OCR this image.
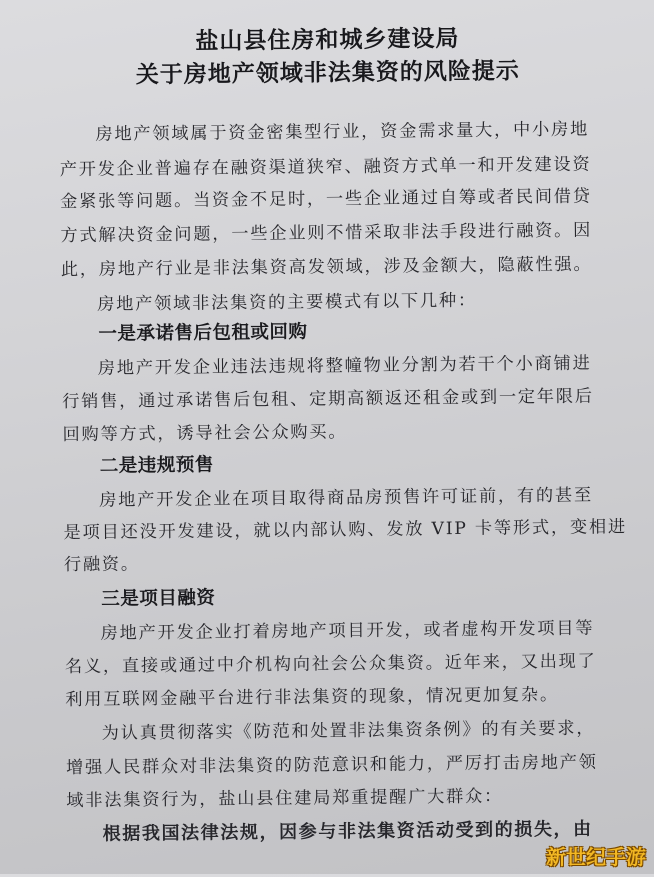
盐山县住房和城乡建设局
关于房地产领域非法集资的风险提示
房地产领域属于资金密集型行业，资金需求量大，中小房地
产开发企业普遍存在融资渠道狭窄、融资方式单一和开发建设资
金紧张等问题。当资金不足时，一些企业通过自筹或者民间借贷
方式解决资金问题，一些企业则不惜采取非法手段进行融资。因
此，房地产行业是非法集资高发领域，涉及金额大，隐蔽性强。
房地产领域非法集资的主要模式有以下几种：
一是承诺售后包租或回购
房地产开发企业违法违规将整幢物业分割为若干个小商铺进
行销售，通过承诺售后包租、定期高额返还租金或到一定年限后
回购等方式，诱导社会公众购买。
二是违规预售
房地产开发企业在项目取得商品房预售许可证前，有的甚至
是项目还没开发建设，就以内部认购、发放 VIP 卡等形式，变相进
行融资。
三是项目融资
房地产开发企业打着房地产项目开发，或者虚构开发项目等
名义，直接或通过中介机构向社会公众集资。近年来，又出现了
利用互联网金融平台进行非法集资的现象，情况更加复杂。
为认真贯彻落实《防范和处置非法集资条例》的有关要求，
增强人民群众对非法集资的防范意识和能力，严厉打击房地产领
域非法集资行为，盐山县住建局郑重提醒广大群众：
根据我国法律法规，因参与非法集资活动受到的损失，由
新世纪手游
